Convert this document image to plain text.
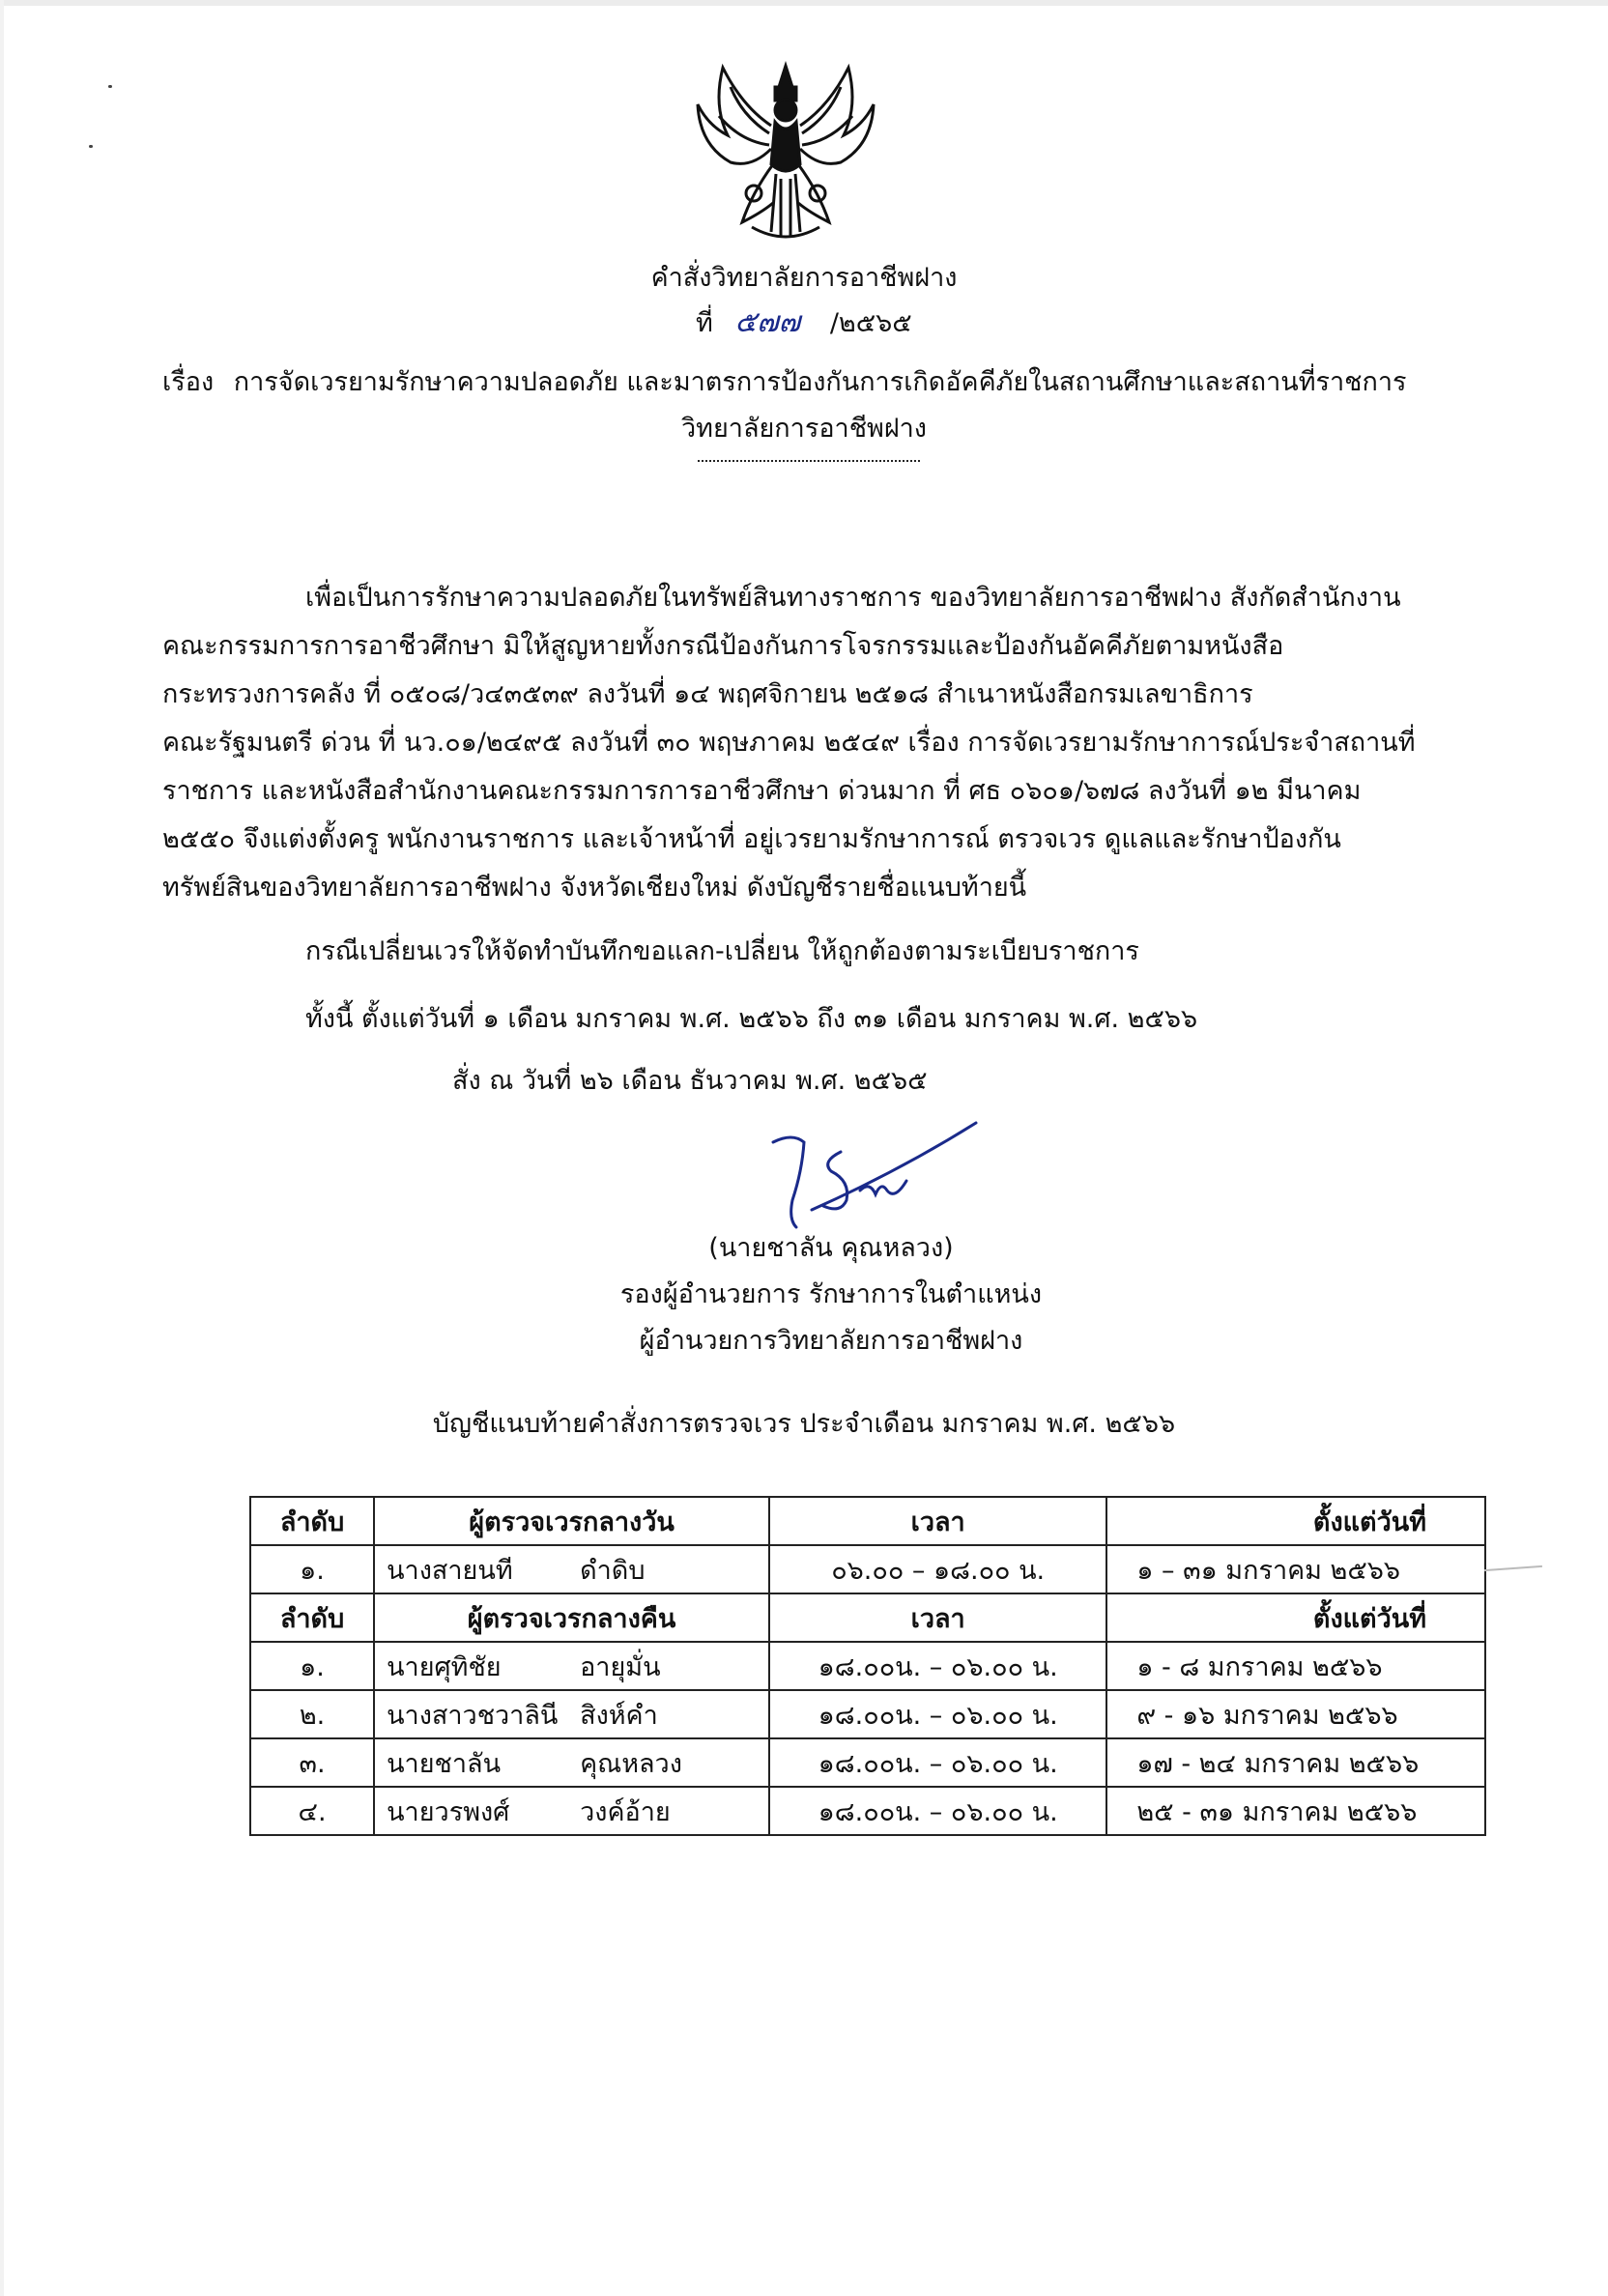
คำสั่งวิทยาลัยการอาชีพฝาง
ที่ ๕๗๗ /๒๕๖๕
เรื่อง การจัดเวรยามรักษาความปลอดภัย และมาตรการป้องกันการเกิดอัคคีภัยในสถานศึกษาและสถานที่ราชการ
วิทยาลัยการอาชีพฝาง
เพื่อเป็นการรักษาความปลอดภัยในทรัพย์สินทางราชการ ของวิทยาลัยการอาชีพฝาง สังกัดสำนักงาน
คณะกรรมการการอาชีวศึกษา มิให้สูญหายทั้งกรณีป้องกันการโจรกรรมและป้องกันอัคคีภัยตามหนังสือ
กระทรวงการคลัง ที่ ๐๕๐๘/ว๔๓๕๓๙ ลงวันที่ ๑๔ พฤศจิกายน ๒๕๑๘ สำเนาหนังสือกรมเลขาธิการ
คณะรัฐมนตรี ด่วน ที่ นว.๐๑/๒๔๙๕ ลงวันที่ ๓๐ พฤษภาคม ๒๕๔๙ เรื่อง การจัดเวรยามรักษาการณ์ประจำสถานที่
ราชการ และหนังสือสำนักงานคณะกรรมการการอาชีวศึกษา ด่วนมาก ที่ ศธ ๐๖๐๑/๖๗๘ ลงวันที่ ๑๒ มีนาคม
๒๕๕๐ จึงแต่งตั้งครู พนักงานราชการ และเจ้าหน้าที่ อยู่เวรยามรักษาการณ์ ตรวจเวร ดูแลและรักษาป้องกัน
ทรัพย์สินของวิทยาลัยการอาชีพฝาง จังหวัดเชียงใหม่ ดังบัญชีรายชื่อแนบท้ายนี้
กรณีเปลี่ยนเวรให้จัดทำบันทึกขอแลก-เปลี่ยน ให้ถูกต้องตามระเบียบราชการ
ทั้งนี้ ตั้งแต่วันที่ ๑ เดือน มกราคม พ.ศ. ๒๕๖๖ ถึง ๓๑ เดือน มกราคม พ.ศ. ๒๕๖๖
สั่ง ณ วันที่ ๒๖ เดือน ธันวาคม พ.ศ. ๒๕๖๕
(นายชาลัน คุณหลวง)
รองผู้อำนวยการ รักษาการในตำแหน่ง
ผู้อำนวยการวิทยาลัยการอาชีพฝาง
บัญชีแนบท้ายคำสั่งการตรวจเวร ประจำเดือน มกราคม พ.ศ. ๒๕๖๖
ลำดับ	ผู้ตรวจเวรกลางวัน	เวลา	ตั้งแต่วันที่
๑.	นางสายนที ดำดิบ	๐๖.๐๐ – ๑๘.๐๐ น.	๑ – ๓๑ มกราคม ๒๕๖๖
ลำดับ	ผู้ตรวจเวรกลางคืน	เวลา	ตั้งแต่วันที่
๑.	นายศุทิชัย อายุมั่น	๑๘.๐๐น. – ๐๖.๐๐ น.	๑ - ๘ มกราคม ๒๕๖๖
๒.	นางสาวชวาลินี สิงห์คำ	๑๘.๐๐น. – ๐๖.๐๐ น.	๙ - ๑๖ มกราคม ๒๕๖๖
๓.	นายชาลัน คุณหลวง	๑๘.๐๐น. – ๐๖.๐๐ น.	๑๗ - ๒๔ มกราคม ๒๕๖๖
๔.	นายวรพงศ์ วงค์อ้าย	๑๘.๐๐น. – ๐๖.๐๐ น.	๒๕ - ๓๑ มกราคม ๒๕๖๖
